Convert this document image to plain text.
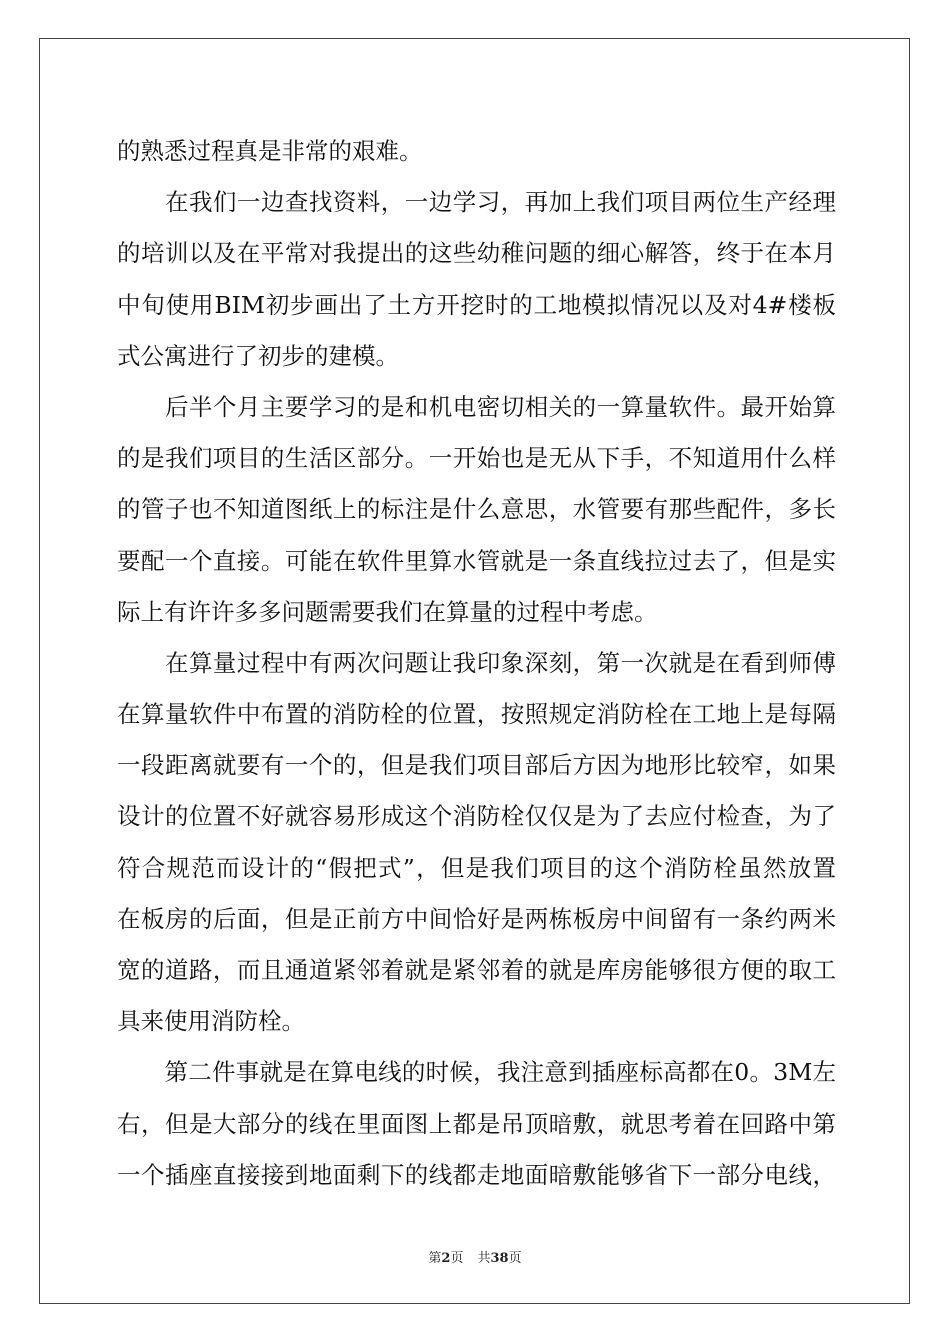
的熟悉过程真是非常的艰难。
　　在我们一边查找资料，一边学习，再加上我们项目两位生产经理
的培训以及在平常对我提出的这些幼稚问题的细心解答，终于在本月
中旬使用BIM初步画出了土方开挖时的工地模拟情况以及对4#楼板
式公寓进行了初步的建模。
　　后半个月主要学习的是和机电密切相关的一算量软件。最开始算
的是我们项目的生活区部分。一开始也是无从下手，不知道用什么样
的管子也不知道图纸上的标注是什么意思，水管要有那些配件，多长
要配一个直接。可能在软件里算水管就是一条直线拉过去了，但是实
际上有许许多多问题需要我们在算量的过程中考虑。
　　在算量过程中有两次问题让我印象深刻，第一次就是在看到师傅
在算量软件中布置的消防栓的位置，按照规定消防栓在工地上是每隔
一段距离就要有一个的，但是我们项目部后方因为地形比较窄，如果
设计的位置不好就容易形成这个消防栓仅仅是为了去应付检查，为了
符合规范而设计的“假把式”，但是我们项目的这个消防栓虽然放置
在板房的后面，但是正前方中间恰好是两栋板房中间留有一条约两米
宽的道路，而且通道紧邻着就是紧邻着的就是库房能够很方便的取工
具来使用消防栓。
　　第二件事就是在算电线的时候，我注意到插座标高都在0。3M左
右，但是大部分的线在里面图上都是吊顶暗敷，就思考着在回路中第
一个插座直接接到地面剩下的线都走地面暗敷能够省下一部分电线，
第2页 共38页
